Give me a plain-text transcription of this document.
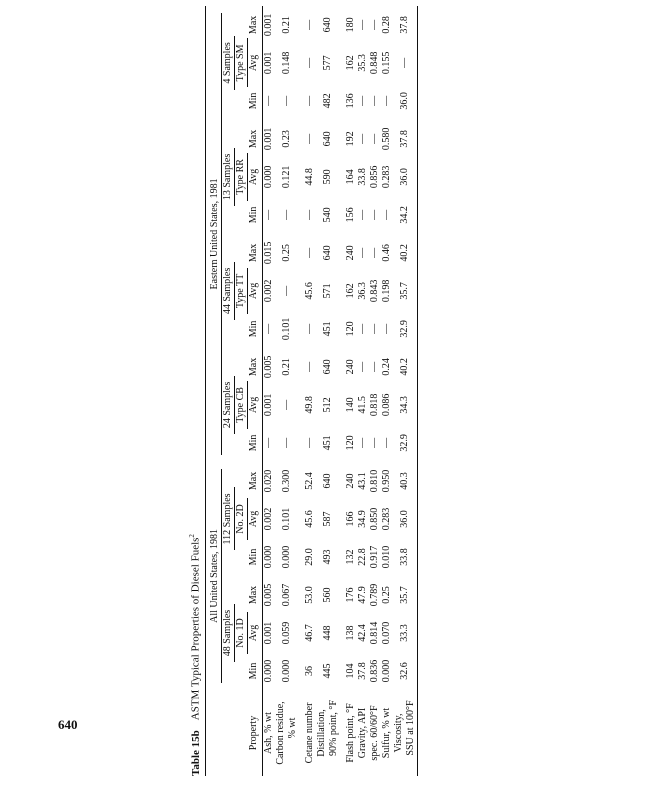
640
Table 15bASTM Typical Properties of Diesel Fuels$^2$

	All United States, 1981						Eastern United States, 1981											

	48 Samples			112 Samples			24 Samples			44 Samples			13 Samples			4 Samples		
	No. 1D			No. 2D			Type CB			Type TT			Type RR			Type SM		
Property	Min	Avg	Max	Min	Avg	Max	Min	Avg	Max	Min	Avg	Max	Min	Avg	Max	Min	Avg	Max

Ash, % wt	0.000	0.001	0.005	0.000	0.002	0.020	—	0.001	0.005	—	0.002	0.015	—	0.000	0.001	—	0.001	0.001

Carbon residue, % wt	0.000	0.059	0.067	0.000	0.101	0.300	—	—	0.21	0.101	—	0.25	—	0.121	0.23	—	0.148	0.21

Cetane number	36	46.7	53.0	29.0	45.6	52.4	—	49.8	—	—	45.6	—	—	44.8	—	—	—	—

Distillation, 90% point, °F	445	448	560	493	587	640	451	512	640	451	571	640	540	590	640	482	577	640

Flash point, °F	104	138	176	132	166	240	120	140	240	120	162	240	156	164	192	136	162	180

Gravity, API	37.8	42.4	47.9	22.8	34.9	43.1	—	41.5	—	—	36.3	—	—	33.8	—	—	35.3	—

spec. 60/60°F	0.836	0.814	0.789	0.917	0.850	0.810	—	0.818	—	—	0.843	—	—	0.856	—	—	0.848	—

Sulfur, % wt	0.000	0.070	0.25	0.010	0.283	0.950	—	0.086	0.24	—	0.198	0.46	—	0.283	0.580	—	0.155	0.28

Viscosity, SSU at 100°F	32.6	33.3	35.7	33.8	36.0	40.3	32.9	34.3	40.2	32.9	35.7	40.2	34.2	36.0	37.8	36.0	—	37.8
